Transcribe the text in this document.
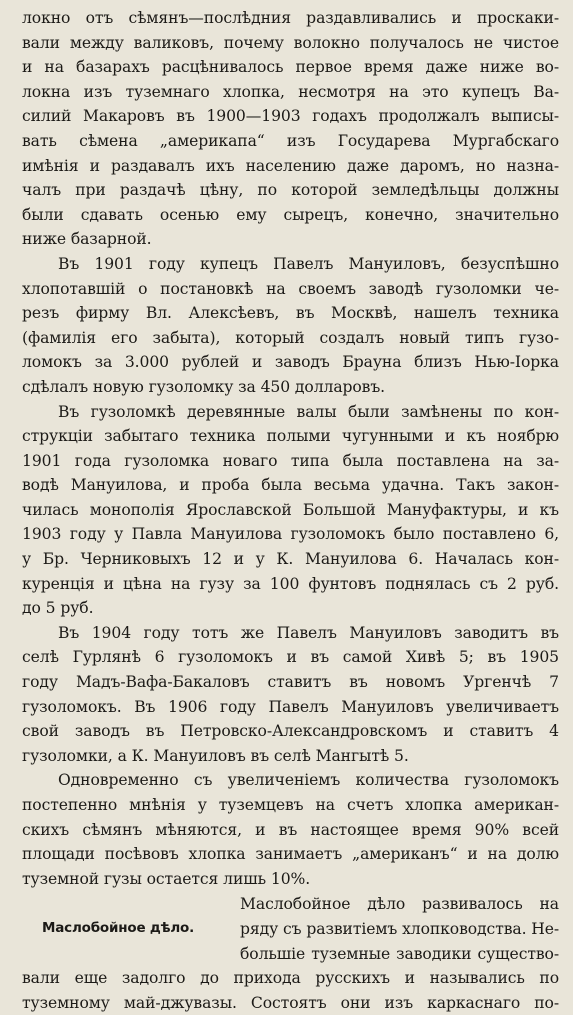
локно отъ сѣмянъ—послѣдния раздавливались и проскаки-
вали между валиковъ, почему волокно получалось не чистое
и на базарахъ расцѣнивалось первое время даже ниже во-
локна изъ туземнаго хлопка, несмотря на это купецъ Ва-
силий Макаровъ въ 1900—1903 годахъ продолжалъ выписы-
вать сѣмена „америкапа“ изъ Государева Мургабскаго
имѣнія и раздавалъ ихъ населению даже даромъ, но назна-
чалъ при раздачѣ цѣну, по которой земледѣльцы должны
были сдавать осенью ему сырецъ, конечно, значительно
ниже базарной.
Въ 1901 году купецъ Павелъ Мануиловъ, безуспѣшно
хлопотавшій о постановкѣ на своемъ заводѣ гузоломки че-
резъ фирму Вл. Алексѣевъ, въ Москвѣ, нашелъ техника
(фамилія его забыта), который создалъ новый типъ гузо-
ломокъ за 3.000 рублей и заводъ Брауна близъ Нью-Іорка
сдѣлалъ новую гузоломку за 450 долларовъ.
Въ гузоломкѣ деревянные валы были замѣнены по кон-
струкціи забытаго техника полыми чугунными и къ ноябрю
1901 года гузоломка новаго типа была поставлена на за-
водѣ Мануилова, и проба была весьма удачна. Такъ закон-
чилась монополія Ярославской Большой Мануфактуры, и къ
1903 году у Павла Мануилова гузоломокъ было поставлено 6,
у Бр. Черниковыхъ 12 и у К. Мануилова 6. Началась кон-
куренція и цѣна на гузу за 100 фунтовъ поднялась съ 2 руб.
до 5 руб.
Въ 1904 году тотъ же Павелъ Мануиловъ заводитъ въ
селѣ Гурлянѣ 6 гузоломокъ и въ самой Хивѣ 5; въ 1905
году Мадъ-Вафа-Бакаловъ ставитъ въ новомъ Ургенчѣ 7
гузоломокъ. Въ 1906 году Павелъ Мануиловъ увеличиваетъ
свой заводъ въ Петровско-Александровскомъ и ставитъ 4
гузоломки, а К. Мануиловъ въ селѣ Мангытѣ 5.
Одновременно съ увеличеніемъ количества гузоломокъ
постепенно мнѣнія у туземцевъ на счетъ хлопка американ-
скихъ сѣмянъ мѣняются, и въ настоящее время 90% всей
площади посѣвовъ хлопка занимаетъ „американъ“ и на долю
туземной гузы остается лишь 10%.
Маслобойное дѣло.
Маслобойное дѣло развивалось на
ряду съ развитіемъ хлопководства. Не-
большіе туземные заводики существо-
вали еще задолго до прихода русскихъ и назывались по
туземному май-джувазы. Состоятъ они изъ каркаснаго по-
